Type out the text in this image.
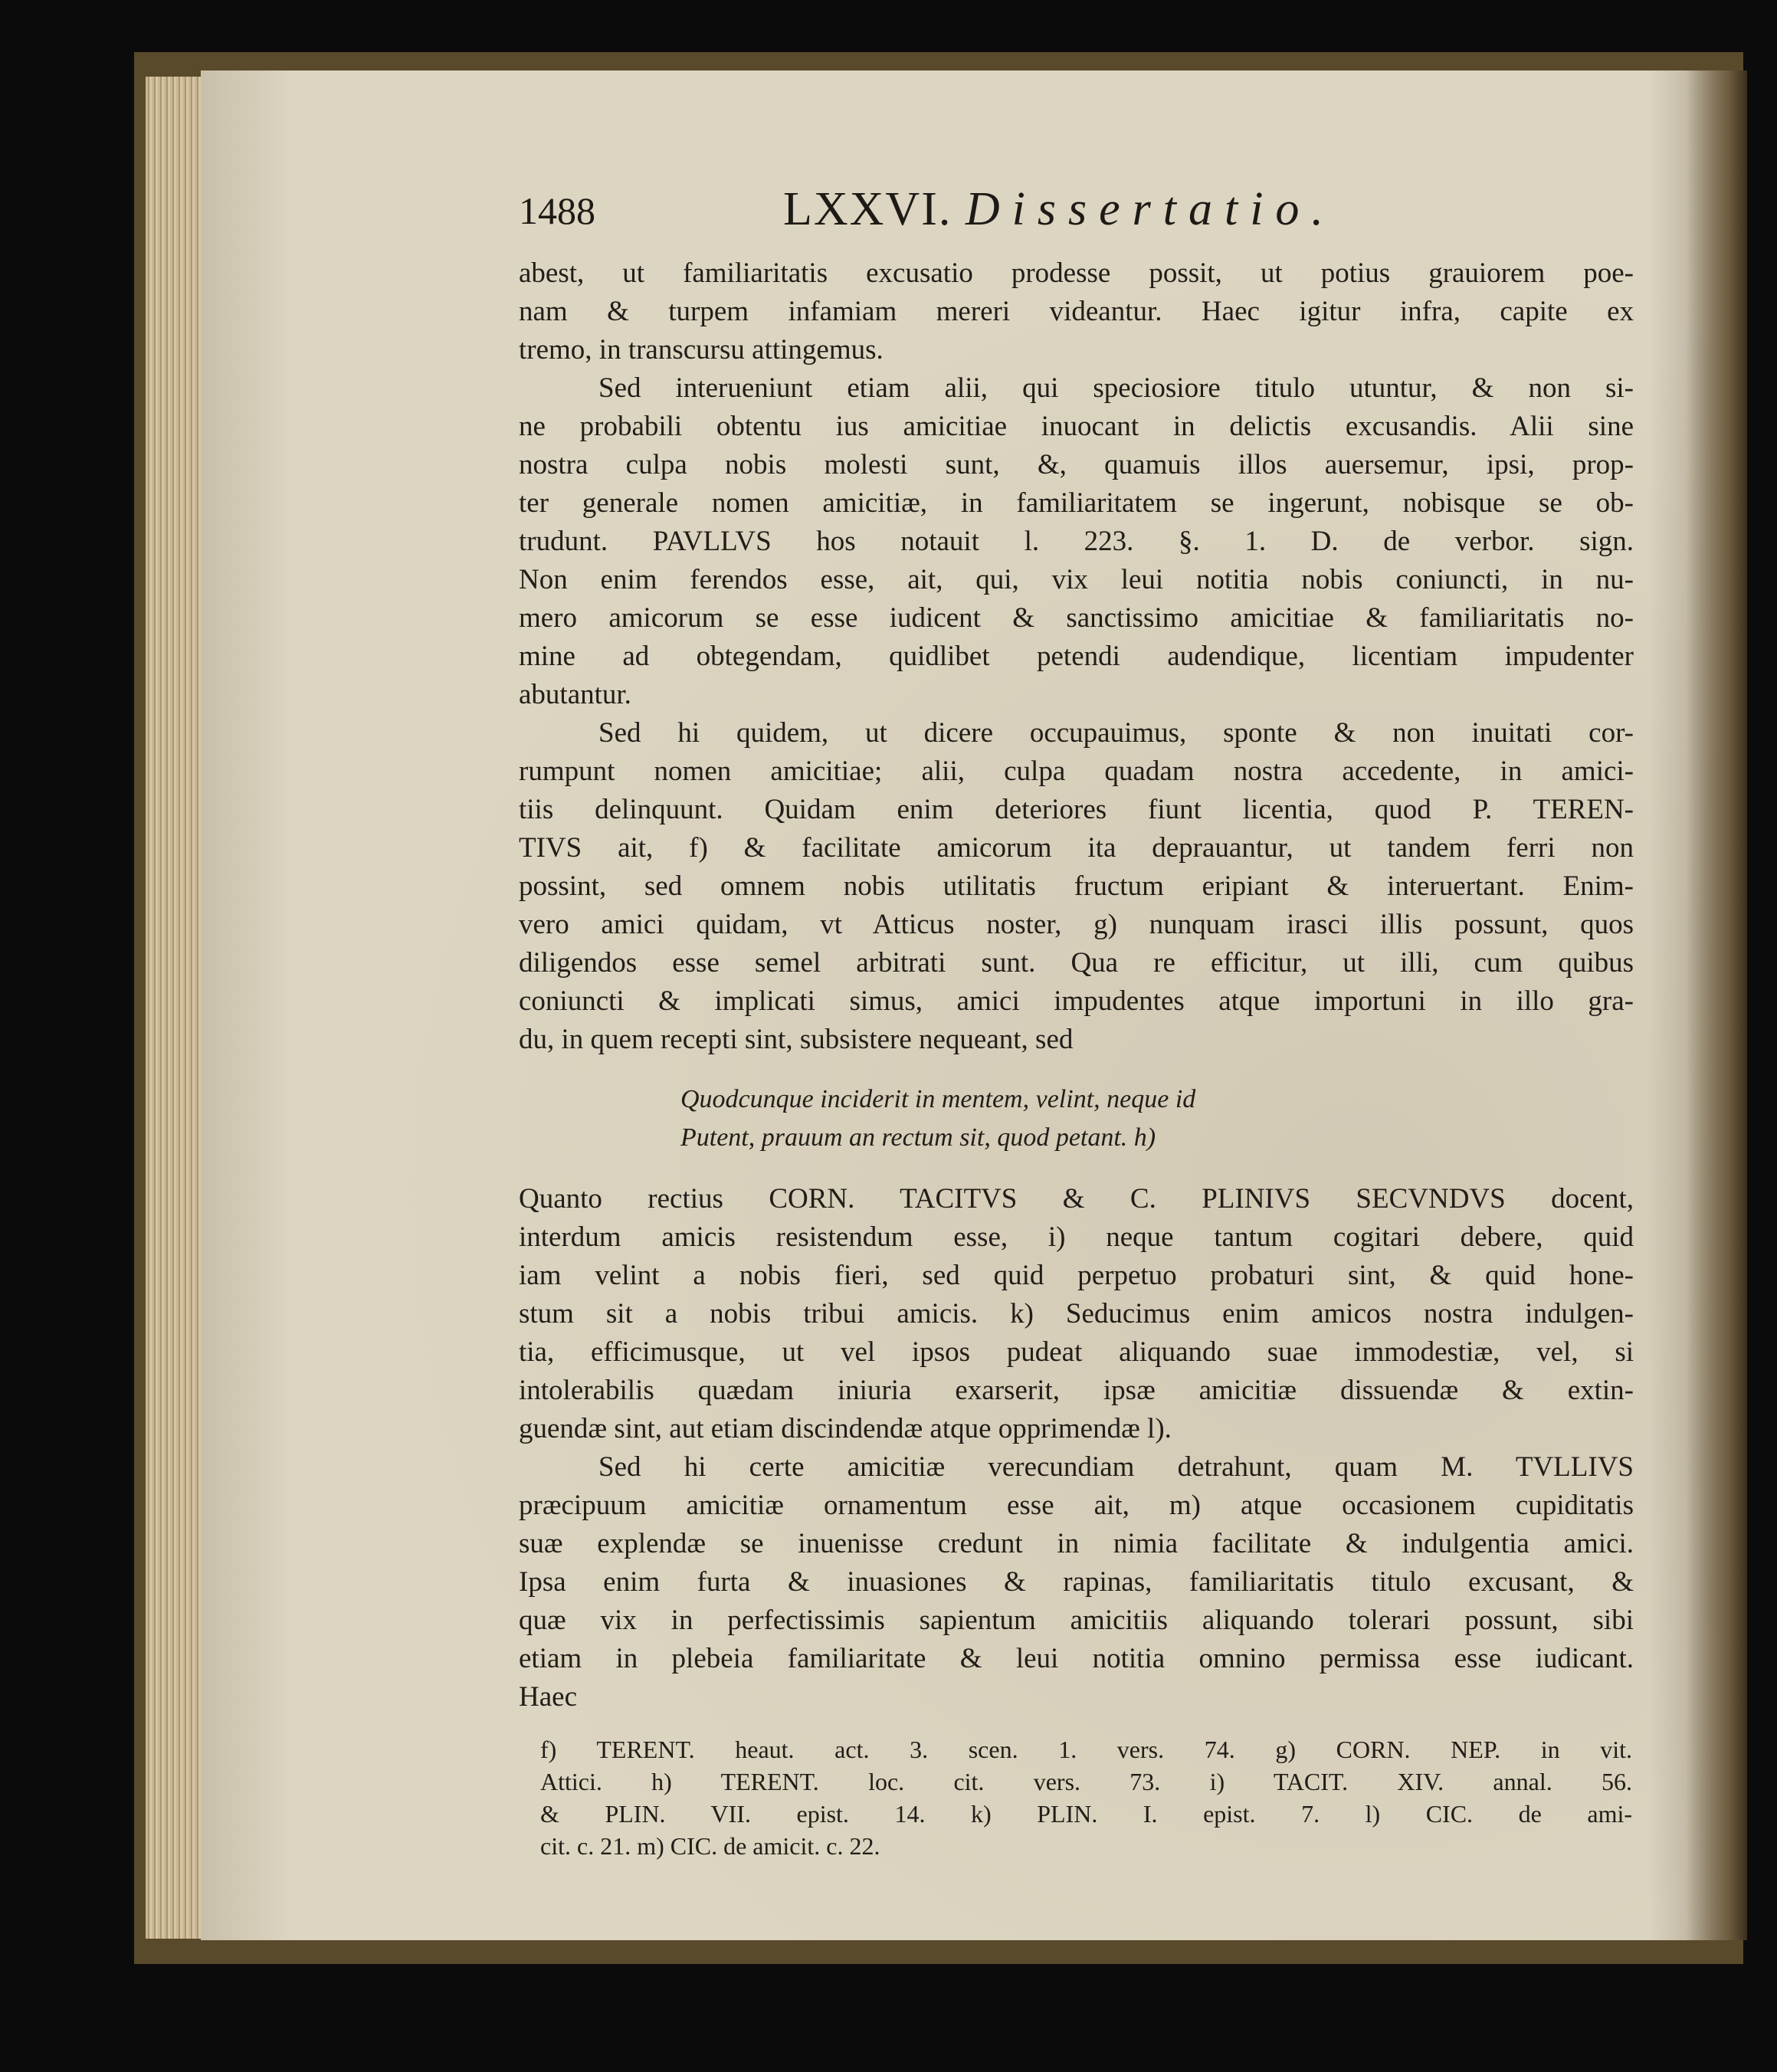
1488	LXXVI. Dissertatio.
abest, ut familiaritatis excusatio prodesse possit, ut potius grauiorem poe-
nam & turpem infamiam mereri videantur. Haec igitur infra, capite ex
tremo, in transcursu attingemus.
Sed interueniunt etiam alii, qui speciosiore titulo utuntur, & non si-
ne probabili obtentu ius amicitiae inuocant in delictis excusandis. Alii sine
nostra culpa nobis molesti sunt, &, quamuis illos auersemur, ipsi, prop-
ter generale nomen amicitiæ, in familiaritatem se ingerunt, nobisque se ob-
trudunt. PAVLLVS hos notauit l. 223. §. 1. D. de verbor. sign.
Non enim ferendos esse, ait, qui, vix leui notitia nobis coniuncti, in nu-
mero amicorum se esse iudicent & sanctissimo amicitiae & familiaritatis no-
mine ad obtegendam, quidlibet petendi audendique, licentiam impudenter
abutantur.
Sed hi quidem, ut dicere occupauimus, sponte & non inuitati cor-
rumpunt nomen amicitiae; alii, culpa quadam nostra accedente, in amici-
tiis delinquunt. Quidam enim deteriores fiunt licentia, quod P. TEREN-
TIVS ait, f) & facilitate amicorum ita deprauantur, ut tandem ferri non
possint, sed omnem nobis utilitatis fructum eripiant & interuertant. Enim-
vero amici quidam, vt Atticus noster, g) nunquam irasci illis possunt, quos
diligendos esse semel arbitrati sunt. Qua re efficitur, ut illi, cum quibus
coniuncti & implicati simus, amici impudentes atque importuni in illo gra-
du, in quem recepti sint, subsistere nequeant, sed
Quodcunque inciderit in mentem, velint, neque id
Putent, prauum an rectum sit, quod petant. h)
Quanto rectius CORN. TACITVS & C. PLINIVS SECVNDVS docent,
interdum amicis resistendum esse, i) neque tantum cogitari debere, quid
iam velint a nobis fieri, sed quid perpetuo probaturi sint, & quid hone-
stum sit a nobis tribui amicis. k) Seducimus enim amicos nostra indulgen-
tia, efficimusque, ut vel ipsos pudeat aliquando suae immodestiæ, vel, si
intolerabilis quædam iniuria exarserit, ipsæ amicitiæ dissuendæ & extin-
guendæ sint, aut etiam discindendæ atque opprimendæ l).
Sed hi certe amicitiæ verecundiam detrahunt, quam M. TVLLIVS
præcipuum amicitiæ ornamentum esse ait, m) atque occasionem cupiditatis
suæ explendæ se inuenisse credunt in nimia facilitate & indulgentia amici.
Ipsa enim furta & inuasiones & rapinas, familiaritatis titulo excusant, &
quæ vix in perfectissimis sapientum amicitiis aliquando tolerari possunt, sibi
etiam in plebeia familiaritate & leui notitia omnino permissa esse iudicant.
Haec
f) TERENT. heaut. act. 3. scen. 1. vers. 74. g) CORN. NEP. in vit.
Attici. h) TERENT. loc. cit. vers. 73. i) TACIT. XIV. annal. 56.
& PLIN. VII. epist. 14. k) PLIN. I. epist. 7. l) CIC. de ami-
cit. c. 21. m) CIC. de amicit. c. 22.
